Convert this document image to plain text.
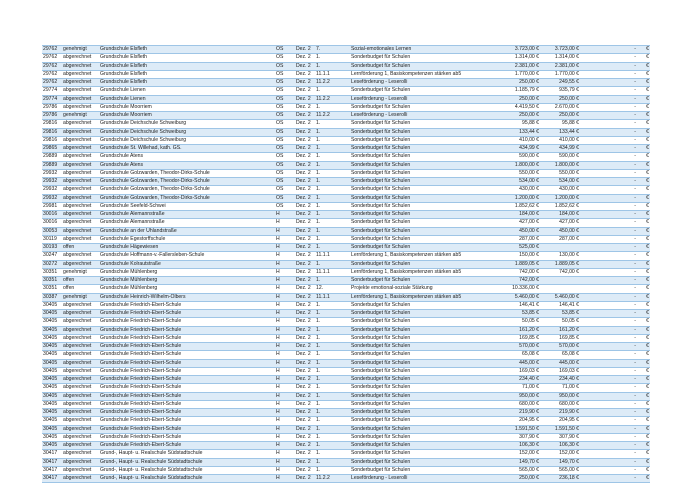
29762	genehmigt	Grundschule Elsfleth	OS	Dez. 2	7.	Sozial-emotionales Lernen	3.723,00 €	3.723,00 €	-	€
29762	abgerechnet	Grundschule Elsfleth	OS	Dez. 2	1.	Sonderbudget für Schulen	1.314,00 €	1.314,00 €	-	€
29762	abgerechnet	Grundschule Elsfleth	OS	Dez. 2	1.	Sonderbudget für Schulen	2.381,00 €	2.381,00 €	-	€
29762	abgerechnet	Grundschule Elsfleth	OS	Dez. 2	11.1.1	Lernförderung 1, Basiskompetenzen stärken ab5	1.770,00 €	1.770,00 €	-	€
29762	abgerechnet	Grundschule Elsfleth	OS	Dez. 2	11.2.2	Leseförderung - Leserolli	250,00 €	249,55 €	-	€
29774	abgerechnet	Grundschule Lienen	OS	Dez. 2	1.	Sonderbudget für Schulen	1.185,79 €	935,79 €	-	€
29774	abgerechnet	Grundschule Lienen	OS	Dez. 2	11.2.2	Leseförderung - Leserolli	250,00 €	250,00 €	-	€
29786	abgerechnet	Grundschule Moorriem	OS	Dez. 2	1.	Sonderbudget für Schulen	4.419,50 €	2.670,00 €	-	€
29786	genehmigt	Grundschule Moorriem	OS	Dez. 2	11.2.2	Leseförderung - Leserolli	250,00 €	250,00 €	-	€
29816	abgerechnet	Grundschule Deichschule Schweiburg	OS	Dez. 2	1.	Sonderbudget für Schulen	95,88 €	95,88 €	-	€
29816	abgerechnet	Grundschule Deichschule Schweiburg	OS	Dez. 2	1.	Sonderbudget für Schulen	133,44 €	133,44 €	-	€
29816	abgerechnet	Grundschule Deichschule Schweiburg	OS	Dez. 2	1.	Sonderbudget für Schulen	410,00 €	410,00 €	-	€
29865	abgerechnet	Grundschule St. Willehad, kath. GS.	OS	Dez. 2	1.	Sonderbudget für Schulen	434,99 €	434,99 €	-	€
29889	abgerechnet	Grundschule Atens	OS	Dez. 2	1.	Sonderbudget für Schulen	590,00 €	590,00 €	-	€
29889	abgerechnet	Grundschule Atens	OS	Dez. 2	1.	Sonderbudget für Schulen	1.800,00 €	1.800,00 €	-	€
29932	abgerechnet	Grundschule Golzwarden, Theodor-Dirks-Schule	OS	Dez. 2	1.	Sonderbudget für Schulen	550,00 €	550,00 €	-	€
29932	abgerechnet	Grundschule Golzwarden, Theodor-Dirks-Schule	OS	Dez. 2	1.	Sonderbudget für Schulen	534,00 €	534,00 €	-	€
29932	abgerechnet	Grundschule Golzwarden, Theodor-Dirks-Schule	OS	Dez. 2	1.	Sonderbudget für Schulen	430,00 €	430,00 €	-	€
29932	abgerechnet	Grundschule Golzwarden, Theodor-Dirks-Schule	OS	Dez. 2	1.	Sonderbudget für Schulen	1.200,00 €	1.200,00 €	-	€
29981	abgerechnet	Grundschule Seefeld-Schwei	OS	Dez. 2	1.	Sonderbudget für Schulen	1.852,62 €	1.852,62 €	-	€
30016	abgerechnet	Grundschule Alemannstraße	H	Dez. 2	1.	Sonderbudget für Schulen	184,00 €	184,00 €	-	€
30016	abgerechnet	Grundschule Alemannstraße	H	Dez. 2	1.	Sonderbudget für Schulen	427,00 €	427,00 €	-	€
30053	abgerechnet	Grundschule an der Uhlandstraße	H	Dez. 2	1.	Sonderbudget für Schulen	450,00 €	450,00 €	-	€
30119	abgerechnet	Grundschule Egestorffschule	H	Dez. 2	1.	Sonderbudget für Schulen	287,00 €	287,00 €	-	€
30193	offen	Grundschule Hägewiesen	H	Dez. 2	1.	Sonderbudget für Schulen	525,00 €		-	€
30247	abgerechnet	Grundschule Hoffmann-v.-Fallersleben-Schule	H	Dez. 2	11.1.1	Lernförderung 1, Basiskompetenzen stärken ab5	150,00 €	130,00 €	-	€
30272	abgerechnet	Grundschule Kolrautstraße	H	Dez. 2	1.	Sonderbudget für Schulen	1.889,05 €	1.889,05 €	-	€
30351	genehmigt	Grundschule Mühlenberg	H	Dez. 2	11.1.1	Lernförderung 1, Basiskompetenzen stärken ab5	742,00 €	742,00 €	-	€
30351	offen	Grundschule Mühlenberg	H	Dez. 2	1.	Sonderbudget für Schulen	742,00 €		-	€
30351	offen	Grundschule Mühlenberg	H	Dez. 2	12.	Projekte emotional-soziale Stärkung	10.336,00 €		-	€
30387	genehmigt	Grundschule Heinrich-Wilhelm-Olbers	H	Dez. 2	11.1.1	Lernförderung 1, Basiskompetenzen stärken ab5	5.460,00 €	5.460,00 €	-	€
30405	abgerechnet	Grundschule Friedrich-Ebert-Schule	H	Dez. 2	1.	Sonderbudget für Schulen	146,41 €	146,41 €	-	€
30405	abgerechnet	Grundschule Friedrich-Ebert-Schule	H	Dez. 2	1.	Sonderbudget für Schulen	53,85 €	53,85 €	-	€
30405	abgerechnet	Grundschule Friedrich-Ebert-Schule	H	Dez. 2	1.	Sonderbudget für Schulen	50,05 €	50,05 €	-	€
30405	abgerechnet	Grundschule Friedrich-Ebert-Schule	H	Dez. 2	1.	Sonderbudget für Schulen	161,20 €	161,20 €	-	€
30405	abgerechnet	Grundschule Friedrich-Ebert-Schule	H	Dez. 2	1.	Sonderbudget für Schulen	169,85 €	169,85 €	-	€
30405	abgerechnet	Grundschule Friedrich-Ebert-Schule	H	Dez. 2	1.	Sonderbudget für Schulen	570,00 €	570,00 €	-	€
30405	abgerechnet	Grundschule Friedrich-Ebert-Schule	H	Dez. 2	1.	Sonderbudget für Schulen	65,08 €	65,08 €	-	€
30405	abgerechnet	Grundschule Friedrich-Ebert-Schule	H	Dez. 2	1.	Sonderbudget für Schulen	445,00 €	445,00 €	-	€
30405	abgerechnet	Grundschule Friedrich-Ebert-Schule	H	Dez. 2	1.	Sonderbudget für Schulen	169,03 €	169,03 €	-	€
30405	abgerechnet	Grundschule Friedrich-Ebert-Schule	H	Dez. 2	1.	Sonderbudget für Schulen	234,40 €	234,40 €	-	€
30405	abgerechnet	Grundschule Friedrich-Ebert-Schule	H	Dez. 2	1.	Sonderbudget für Schulen	71,00 €	71,00 €	-	€
30405	abgerechnet	Grundschule Friedrich-Ebert-Schule	H	Dez. 2	1.	Sonderbudget für Schulen	950,00 €	950,00 €	-	€
30405	abgerechnet	Grundschule Friedrich-Ebert-Schule	H	Dez. 2	1.	Sonderbudget für Schulen	680,00 €	680,00 €	-	€
30405	abgerechnet	Grundschule Friedrich-Ebert-Schule	H	Dez. 2	1.	Sonderbudget für Schulen	219,90 €	219,90 €	-	€
30405	abgerechnet	Grundschule Friedrich-Ebert-Schule	H	Dez. 2	1.	Sonderbudget für Schulen	204,95 €	204,95 €	-	€
30405	abgerechnet	Grundschule Friedrich-Ebert-Schule	H	Dez. 2	1.	Sonderbudget für Schulen	1.591,50 €	1.591,50 €	-	€
30405	abgerechnet	Grundschule Friedrich-Ebert-Schule	H	Dez. 2	1.	Sonderbudget für Schulen	307,90 €	307,90 €	-	€
30405	abgerechnet	Grundschule Friedrich-Ebert-Schule	H	Dez. 2	1.	Sonderbudget für Schulen	106,30 €	106,30 €	-	€
30417	abgerechnet	Grund-, Haupt- u. Realschule Südstadtschule	H	Dez. 2	1.	Sonderbudget für Schulen	152,00 €	152,00 €	-	€
30417	abgerechnet	Grund-, Haupt- u. Realschule Südstadtschule	H	Dez. 2	1.	Sonderbudget für Schulen	149,70 €	149,70 €	-	€
30417	abgerechnet	Grund-, Haupt- u. Realschule Südstadtschule	H	Dez. 2	1.	Sonderbudget für Schulen	565,00 €	565,00 €	-	€
30417	abgerechnet	Grund-, Haupt- u. Realschule Südstadtschule	H	Dez. 2	11.2.2	Leseförderung - Leserolli	250,00 €	236,18 €	-	€
